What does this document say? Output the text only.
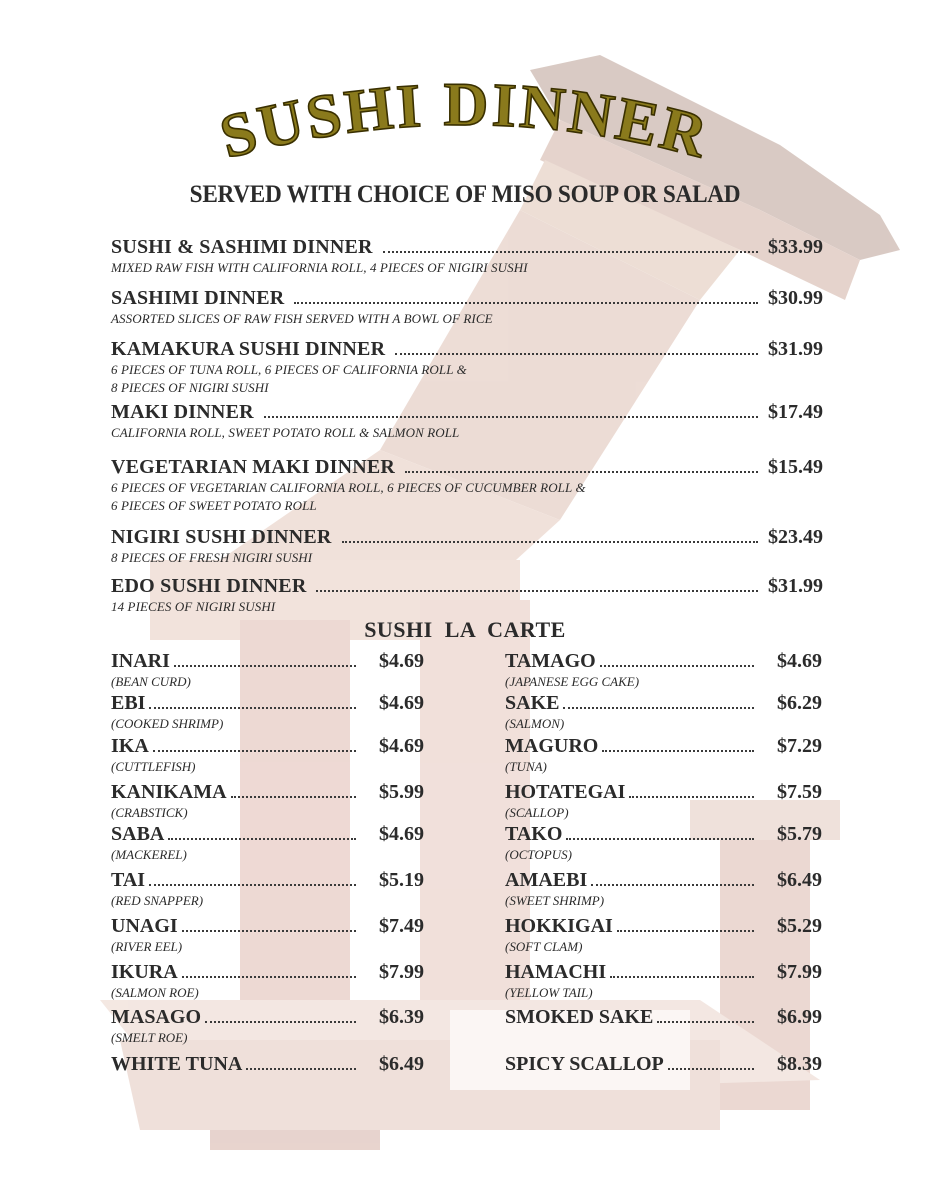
SUSHI DINNER
SERVED WITH CHOICE OF MISO SOUP OR SALAD
SUSHI & SASHIMI DINNER	$33.99
MIXED RAW FISH WITH CALIFORNIA ROLL, 4 PIECES OF NIGIRI SUSHI
SASHIMI DINNER	$30.99
ASSORTED SLICES OF RAW FISH SERVED WITH A BOWL OF RICE
KAMAKURA SUSHI DINNER	$31.99
6 PIECES OF TUNA ROLL, 6 PIECES OF CALIFORNIA ROLL &
8 PIECES OF NIGIRI SUSHI
MAKI DINNER	$17.49
CALIFORNIA ROLL, SWEET POTATO ROLL & SALMON ROLL
VEGETARIAN MAKI DINNER	$15.49
6 PIECES OF VEGETARIAN CALIFORNIA ROLL, 6 PIECES OF CUCUMBER ROLL &
6 PIECES OF SWEET POTATO ROLL
NIGIRI SUSHI DINNER	$23.49
8 PIECES OF FRESH NIGIRI SUSHI
EDO SUSHI DINNER	$31.99
14 PIECES OF NIGIRI SUSHI
SUSHI LA CARTE
INARI	$4.69
(BEAN CURD)
EBI	$4.69
(COOKED SHRIMP)
IKA	$4.69
(CUTTLEFISH)
KANIKAMA	$5.99
(CRABSTICK)
SABA	$4.69
(MACKEREL)
TAI	$5.19
(RED SNAPPER)
UNAGI	$7.49
(RIVER EEL)
IKURA	$7.99
(SALMON ROE)
MASAGO	$6.39
(SMELT ROE)
WHITE TUNA	$6.49
TAMAGO	$4.69
(JAPANESE EGG CAKE)
SAKE	$6.29
(SALMON)
MAGURO	$7.29
(TUNA)
HOTATEGAI	$7.59
(SCALLOP)
TAKO	$5.79
(OCTOPUS)
AMAEBI	$6.49
(SWEET SHRIMP)
HOKKIGAI	$5.29
(SOFT CLAM)
HAMACHI	$7.99
(YELLOW TAIL)
SMOKED SAKE	$6.99
SPICY SCALLOP	$8.39
